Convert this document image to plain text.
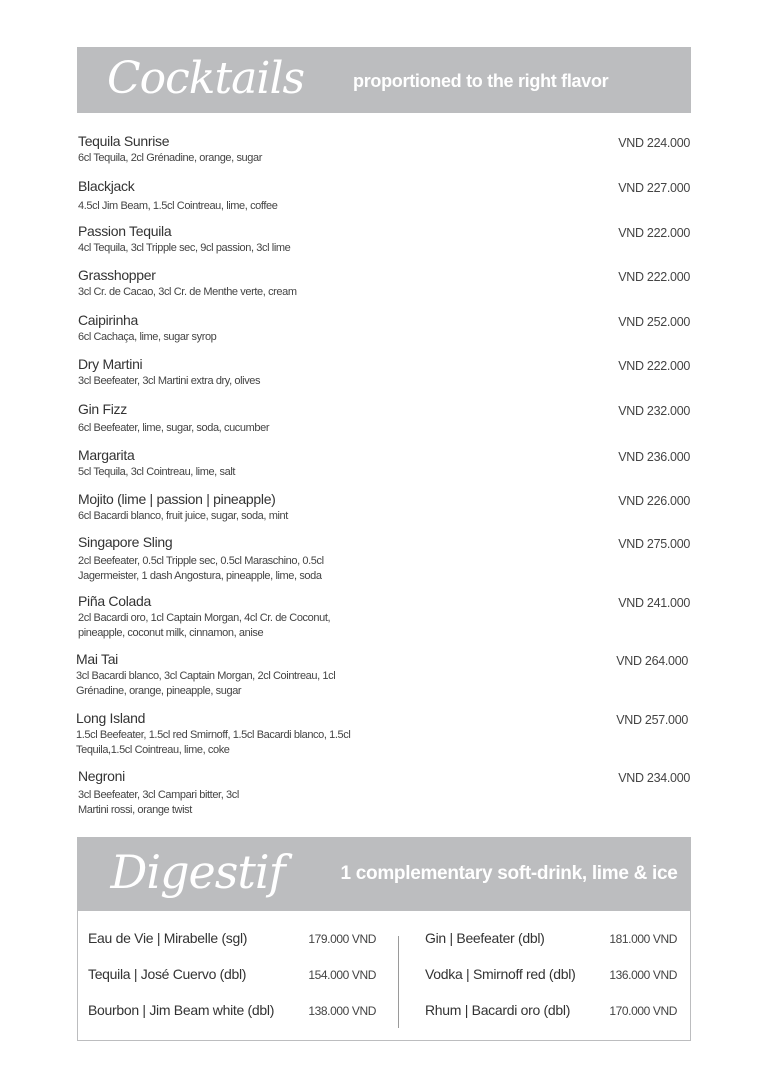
Cocktails	proportioned to the right flavor
Tequila Sunrise
6cl Tequila, 2cl Grénadine, orange, sugar
VND 224.000
Blackjack
4.5cl Jim Beam, 1.5cl Cointreau, lime, coffee
VND 227.000
Passion Tequila
4cl Tequila, 3cl Tripple sec, 9cl passion, 3cl lime
VND 222.000
Grasshopper
3cl Cr. de Cacao, 3cl Cr. de Menthe verte, cream
VND 222.000
Caipirinha
6cl Cachaça, lime, sugar syrop
VND 252.000
Dry Martini
3cl Beefeater, 3cl Martini extra dry, olives
VND 222.000
Gin Fizz
6cl Beefeater, lime, sugar, soda, cucumber
VND 232.000
Margarita
5cl Tequila, 3cl Cointreau, lime, salt
VND 236.000
Mojito (lime | passion | pineapple)
6cl Bacardi blanco, fruit juice, sugar, soda, mint
VND 226.000
Singapore Sling
2cl Beefeater, 0.5cl Tripple sec, 0.5cl Maraschino, 0.5cl Jagermeister, 1 dash Angostura, pineapple, lime, soda
VND 275.000
Piña Colada
2cl Bacardi oro, 1cl Captain Morgan, 4cl Cr. de Coconut, pineapple, coconut milk, cinnamon, anise
VND 241.000
Mai Tai
3cl Bacardi blanco, 3cl Captain Morgan, 2cl Cointreau, 1cl Grénadine, orange, pineapple, sugar
VND 264.000
Long Island
1.5cl Beefeater, 1.5cl red Smirnoff, 1.5cl Bacardi blanco, 1.5cl Tequila,1.5cl Cointreau, lime, coke
VND 257.000
Negroni
3cl Beefeater, 3cl Campari bitter, 3cl Martini rossi, orange twist
VND 234.000
Digestif	1 complementary soft-drink, lime & ice
Eau de Vie | Mirabelle (sgl)	179.000 VND
Tequila | José Cuervo (dbl)	154.000 VND
Bourbon | Jim Beam white (dbl)	138.000 VND
Gin | Beefeater (dbl)	181.000 VND
Vodka | Smirnoff red (dbl)	136.000 VND
Rhum | Bacardi oro (dbl)	170.000 VND
